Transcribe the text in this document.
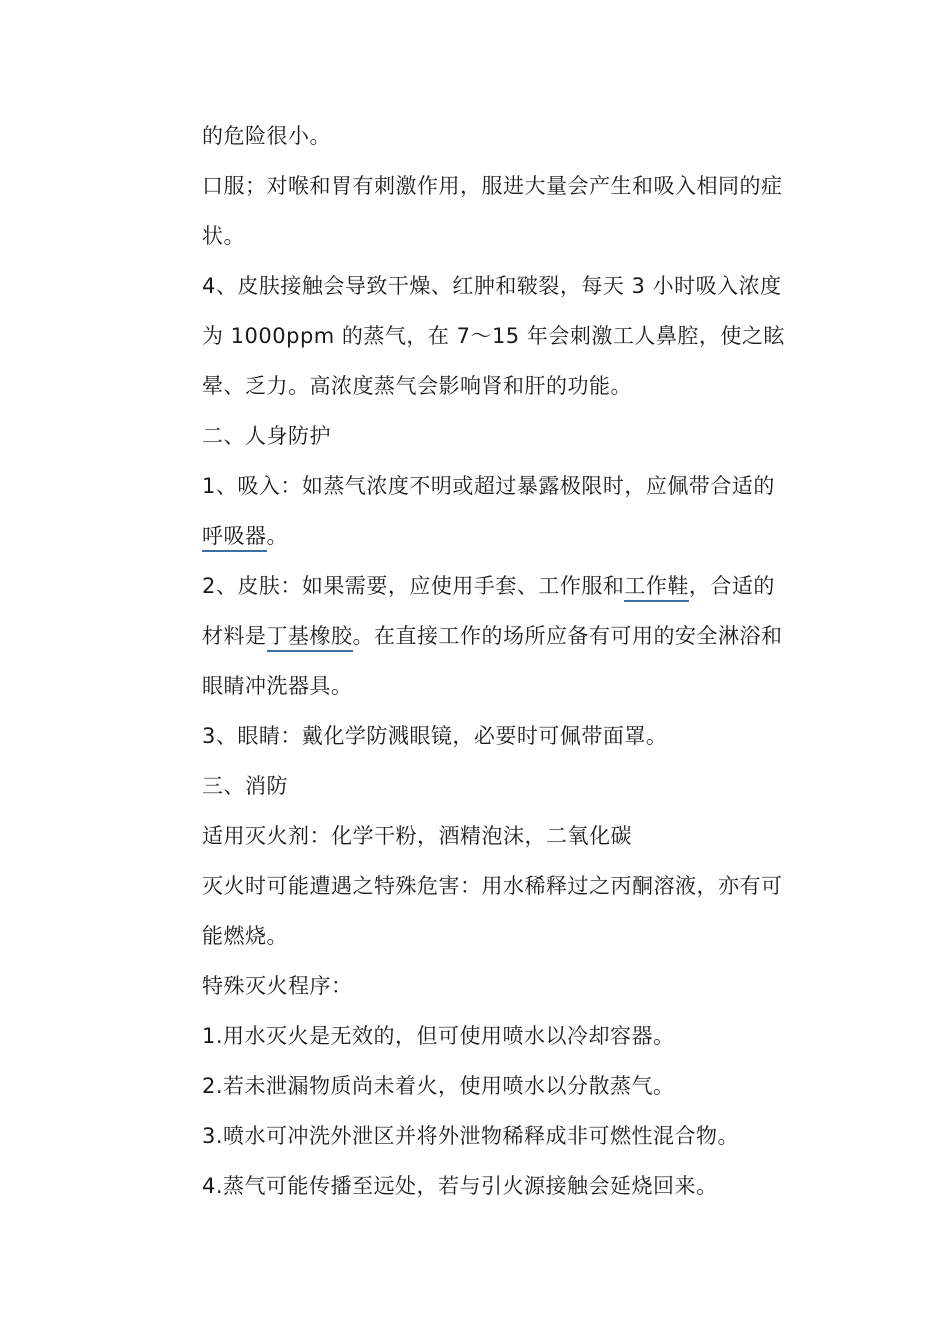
的危险很小。
口服；对喉和胃有刺激作用，服进大量会产生和吸入相同的症
状。
4、皮肤接触会导致干燥、红肿和皲裂，每天 3 小时吸入浓度
为 1000ppm 的蒸气，在 7～15 年会刺激工人鼻腔，使之眩
晕、乏力。高浓度蒸气会影响肾和肝的功能。
二、人身防护
1、吸入：如蒸气浓度不明或超过暴露极限时，应佩带合适的
呼吸器。
2、皮肤：如果需要，应使用手套、工作服和工作鞋，合适的
材料是丁基橡胶。在直接工作的场所应备有可用的安全淋浴和
眼睛冲洗器具。
3、眼睛：戴化学防溅眼镜，必要时可佩带面罩。
三、消防
适用灭火剂：化学干粉，酒精泡沫，二氧化碳
灭火时可能遭遇之特殊危害：用水稀释过之丙酮溶液，亦有可
能燃烧。
特殊灭火程序：
1.用水灭火是无效的，但可使用喷水以冷却容器。
2.若未泄漏物质尚未着火，使用喷水以分散蒸气。
3.喷水可冲洗外泄区并将外泄物稀释成非可燃性混合物。
4.蒸气可能传播至远处，若与引火源接触会延烧回来。
